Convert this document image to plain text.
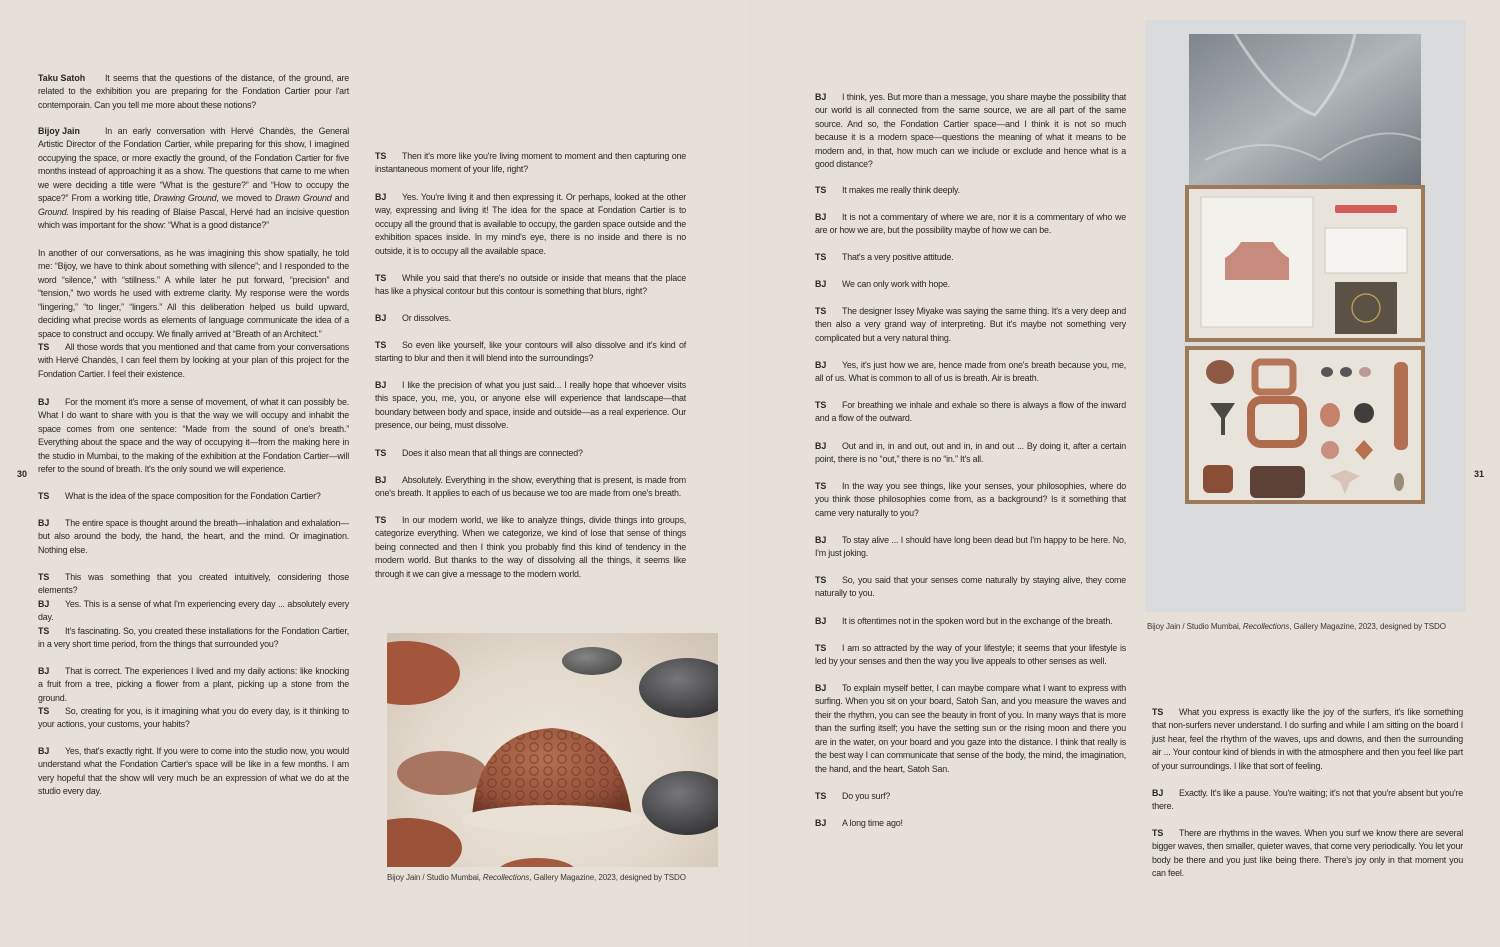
Taku Satoh It seems that the questions of the distance, of the ground, are related to the exhibition you are preparing for the Fondation Cartier pour l'art contemporain. Can you tell me more about these notions?
Bijoy Jain	In an early conversation with Hervé Chandès, the General Artistic Director of the Fondation Cartier, while preparing for this show, I imagined occupying the space, or more exactly the ground, of the Fondation Cartier for five months instead of approaching it as a show. The questions that came to me when we were deciding a title were “What is the gesture?” and “How to occupy the space?” From a working title, Drawing Ground, we moved to Drawn Ground and Ground. Inspired by his reading of Blaise Pascal, Hervé had an incisive question which was important for the show: “What is a good distance?”
In another of our conversations, as he was imagining this show spatially, he told me: “Bijoy, we have to think about something with silence”; and I responded to the word “silence,” with “stillness.” A while later he put forward, “precision” and “tension,” two words he used with extreme clarity. My response were the words “lingering,” “to linger,” “lingers.” All this deliberation helped us build upward, deciding what precise words as elements of language communicate the idea of a space to construct and occupy. We finally arrived at “Breath of an Architect.”
TS All those words that you mentioned and that came from your conversations with Hervé Chandès, I can feel them by looking at your plan of this project for the Fondation Cartier. I feel their existence.
BJ For the moment it's more a sense of movement, of what it can possibly be. What I do want to share with you is that the way we will occupy and inhabit the space comes from one sentence: “Made from the sound of one's breath.” Everything about the space and the way of occupying it—from the making here in the studio in Mumbai, to the making of the exhibition at the Fondation Cartier—will refer to the sound of breath. It's the only sound we will experience.
TS What is the idea of the space composition for the Fondation Cartier?
BJ The entire space is thought around the breath—inhalation and exhalation—but also around the body, the hand, the heart, and the mind. Or imagination. Nothing else.
TS This was something that you created intuitively, considering those elements?
BJ Yes. This is a sense of what I'm experiencing every day ... absolutely every day.
TS It's fascinating. So, you created these installations for the Fondation Cartier, in a very short time period, from the things that surrounded you?
BJ That is correct. The experiences I lived and my daily actions: like knocking a fruit from a tree, picking a flower from a plant, picking up a stone from the ground.
TS So, creating for you, is it imagining what you do every day, is it thinking to your actions, your customs, your habits?
BJ Yes, that's exactly right. If you were to come into the studio now, you would understand what the Fondation Cartier's space will be like in a few months. I am very hopeful that the show will very much be an expression of what we do at the studio every day.
TS Then it's more like you're living moment to moment and then capturing one instantaneous moment of your life, right?
BJ Yes. You're living it and then expressing it. Or perhaps, looked at the other way, expressing and living it! The idea for the space at Fondation Cartier is to occupy all the ground that is available to occupy, the garden space outside and the exhibition spaces inside. In my mind's eye, there is no inside and there is no outside, it is to occupy all the available space.
TS While you said that there's no outside or inside that means that the place has like a physical contour but this contour is something that blurs, right?
BJ Or dissolves.
TS So even like yourself, like your contours will also dissolve and it's kind of starting to blur and then it will blend into the surroundings?
BJ I like the precision of what you just said... I really hope that whoever visits this space, you, me, you, or anyone else will experience that landscape—that boundary between body and space, inside and outside—as a real experience. Our presence, our being, must dissolve.
TS Does it also mean that all things are connected?
BJ Absolutely. Everything in the show, everything that is present, is made from one's breath. It applies to each of us because we too are made from one's breath.
TS In our modern world, we like to analyze things, divide things into groups, categorize everything. When we categorize, we kind of lose that sense of things being connected and then I think you probably find this kind of tendency in the modern world. But thanks to the way of dissolving all the things, it seems like through it we can give a message to the modern world.
BJ I think, yes. But more than a message, you share maybe the possibility that our world is all connected from the same source, we are all part of the same source. And so, the Fondation Cartier space—and I think it is not so much because it is a modern space—questions the meaning of what it means to be modern and, in that, how much can we include or exclude and hence what is a good distance?
TS It makes me really think deeply.
BJ It is not a commentary of where we are, nor it is a commentary of who we are or how we are, but the possibility maybe of how we can be.
TS That's a very positive attitude.
BJ We can only work with hope.
TS The designer Issey Miyake was saying the same thing. It's a very deep and then also a very grand way of interpreting. But it's maybe not something very complicated but a very natural thing.
BJ Yes, it's just how we are, hence made from one's breath because you, me, all of us. What is common to all of us is breath. Air is breath.
TS For breathing we inhale and exhale so there is always a flow of the inward and a flow of the outward.
BJ Out and in, in and out, out and in, in and out ... By doing it, after a certain point, there is no “out,” there is no “in.” It's all.
TS In the way you see things, like your senses, your philosophies, where do you think those philosophies come from, as a background? Is it something that came very naturally to you?
BJ To stay alive ... I should have long been dead but I'm happy to be here. No, I'm just joking.
TS So, you said that your senses come naturally by staying alive, they come naturally to you.
BJ It is oftentimes not in the spoken word but in the exchange of the breath.
TS I am so attracted by the way of your lifestyle; it seems that your lifestyle is led by your senses and then the way you live appeals to other senses as well.
BJ To explain myself better, I can maybe compare what I want to express with surfing. When you sit on your board, Satoh San, and you measure the waves and their the rhythm, you can see the beauty in front of you. In many ways that is more than the surfing itself; you have the setting sun or the rising moon and there you are in the water, on your board and you gaze into the distance. I think that really is the best way I can communicate that sense of the body, the mind, the imagination, the hand, and the heart, Satoh San.
TS Do you surf?
BJ A long time ago!
TS What you express is exactly like the joy of the surfers, it's like something that non-surfers never understand. I do surfing and while I am sitting on the board I just hear, feel the rhythm of the waves, ups and downs, and then the surrounding air ... Your contour kind of blends in with the atmosphere and then you feel like part of your surroundings. I like that sort of feeling.
BJ Exactly. It's like a pause. You're waiting; it's not that you're absent but you're there.
TS There are rhythms in the waves. When you surf we know there are several bigger waves, then smaller, quieter waves, that come very periodically. You let your body be there and you just like being there. There's joy only in that moment you can feel.
30	31
Bijoy Jain / Studio Mumbai, Recollections, Gallery Magazine, 2023, designed by TSDO
Bijoy Jain / Studio Mumbai, Recollections, Gallery Magazine, 2023, designed by TSDO
